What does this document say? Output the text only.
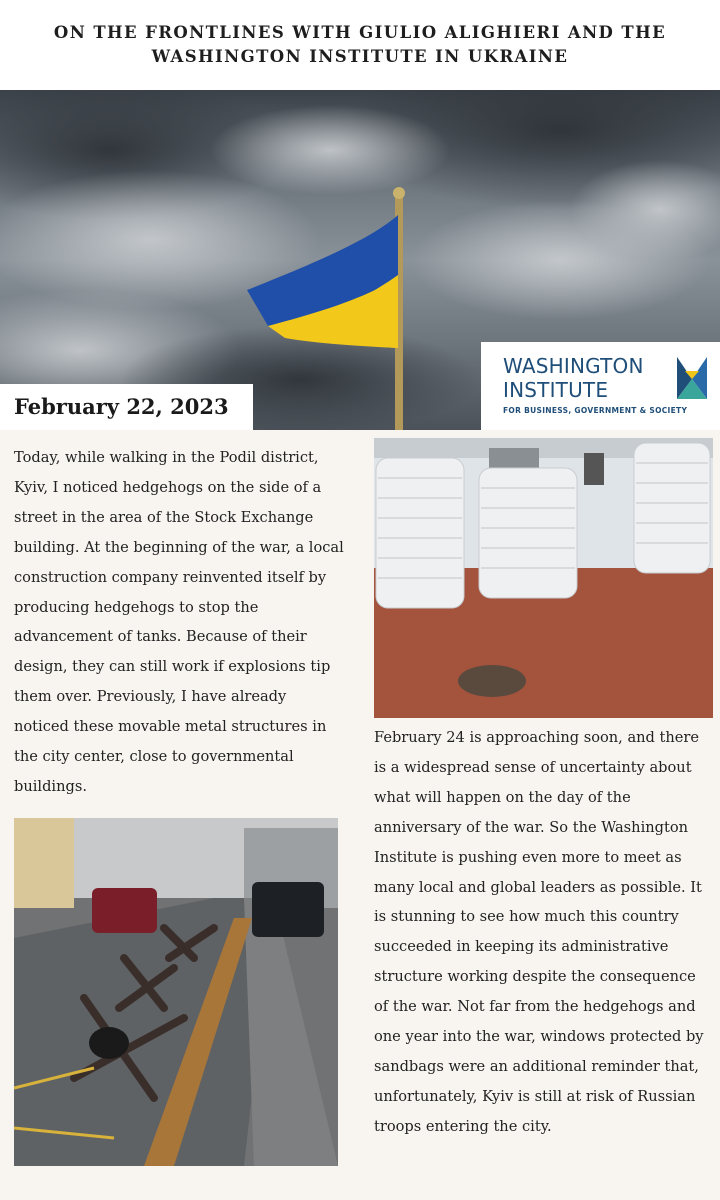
ON THE FRONTLINES WITH GIULIO ALIGHIERI AND THE WASHINGTON INSTITUTE IN UKRAINE
WASHINGTON
INSTITUTE
FOR BUSINESS, GOVERNMENT & SOCIETY
February 22, 2023

Today, while walking in the Podil district, Kyiv, I noticed hedgehogs on the side of a street in the area of the Stock Exchange building. At the beginning of the war, a local construction company reinvented itself by producing hedgehogs to stop the advancement of tanks. Because of their design, they can still work if explosions tip them over. Previously, I have already noticed these movable metal structures in the city center, close to governmental buildings.

February 24 is approaching soon, and there is a widespread sense of uncertainty about what will happen on the day of the anniversary of the war. So the Washington Institute is pushing even more to meet as many local and global leaders as possible. It is stunning to see how much this country succeeded in keeping its administrative structure working despite the consequence of the war. Not far from the hedgehogs and one year into the war, windows protected by sandbags were an additional reminder that, unfortunately, Kyiv is still at risk of Russian troops entering the city.
